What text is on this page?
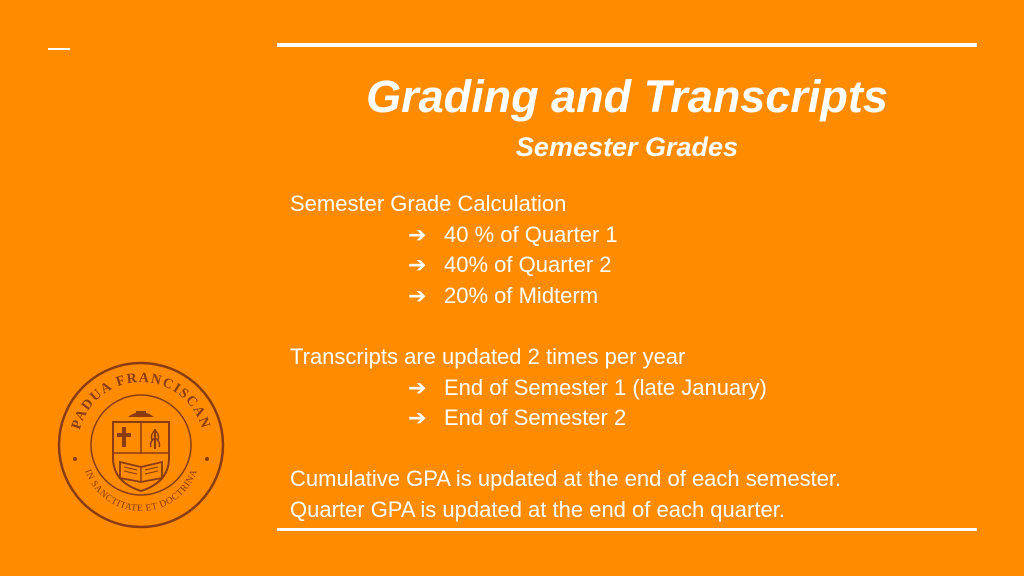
Grading and Transcripts
Semester Grades
Semester Grade Calculation
➔ 40 % of Quarter 1
➔ 40% of Quarter 2
➔ 20% of Midterm
Transcripts are updated 2 times per year
➔ End of Semester 1 (late January)
➔ End of Semester 2
Cumulative GPA is updated at the end of each semester.
Quarter GPA is updated at the end of each quarter.
PADUA FRANCISCAN
IN SANCTITATE ET DOCTRINA
